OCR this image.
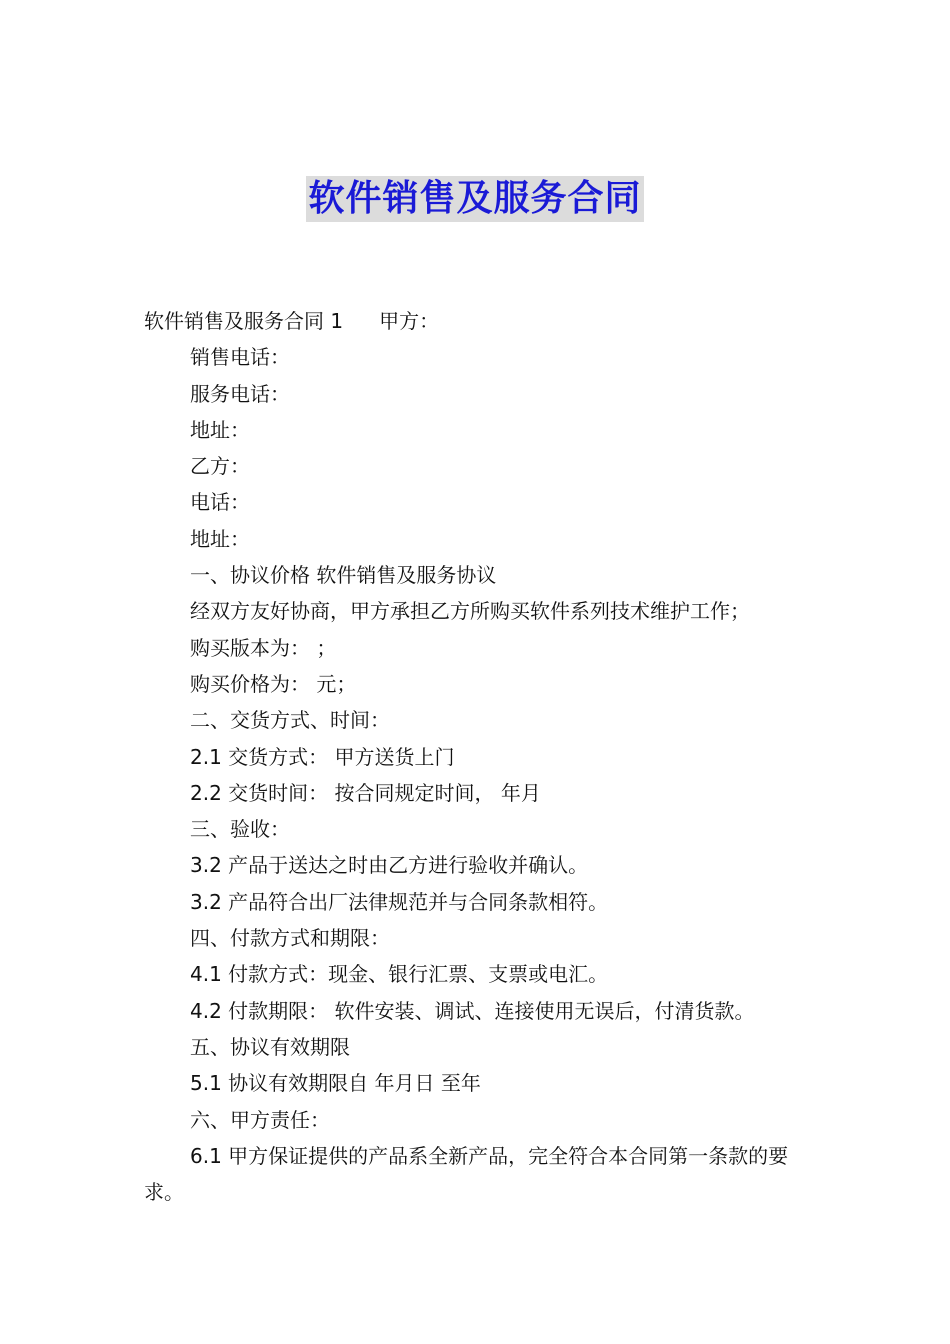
软件销售及服务合同

软件销售及服务合同 1 甲方：

销售电话：

服务电话：

地址：

乙方：

电话：

地址：

一、协议价格 软件销售及服务协议

经双方友好协商，甲方承担乙方所购买软件系列技术维护工作；

购买版本为： ；

购买价格为： 元；

二、交货方式、时间：

2.1 交货方式： 甲方送货上门

2.2 交货时间： 按合同规定时间， 年月

三、验收：

3.2 产品于送达之时由乙方进行验收并确认。

3.2 产品符合出厂法律规范并与合同条款相符。

四、付款方式和期限：

4.1 付款方式：现金、银行汇票、支票或电汇。

4.2 付款期限： 软件安装、调试、连接使用无误后，付清货款。

五、协议有效期限

5.1 协议有效期限自 年月日 至年

六、甲方责任：

6.1 甲方保证提供的产品系全新产品，完全符合本合同第一条款的要求。
